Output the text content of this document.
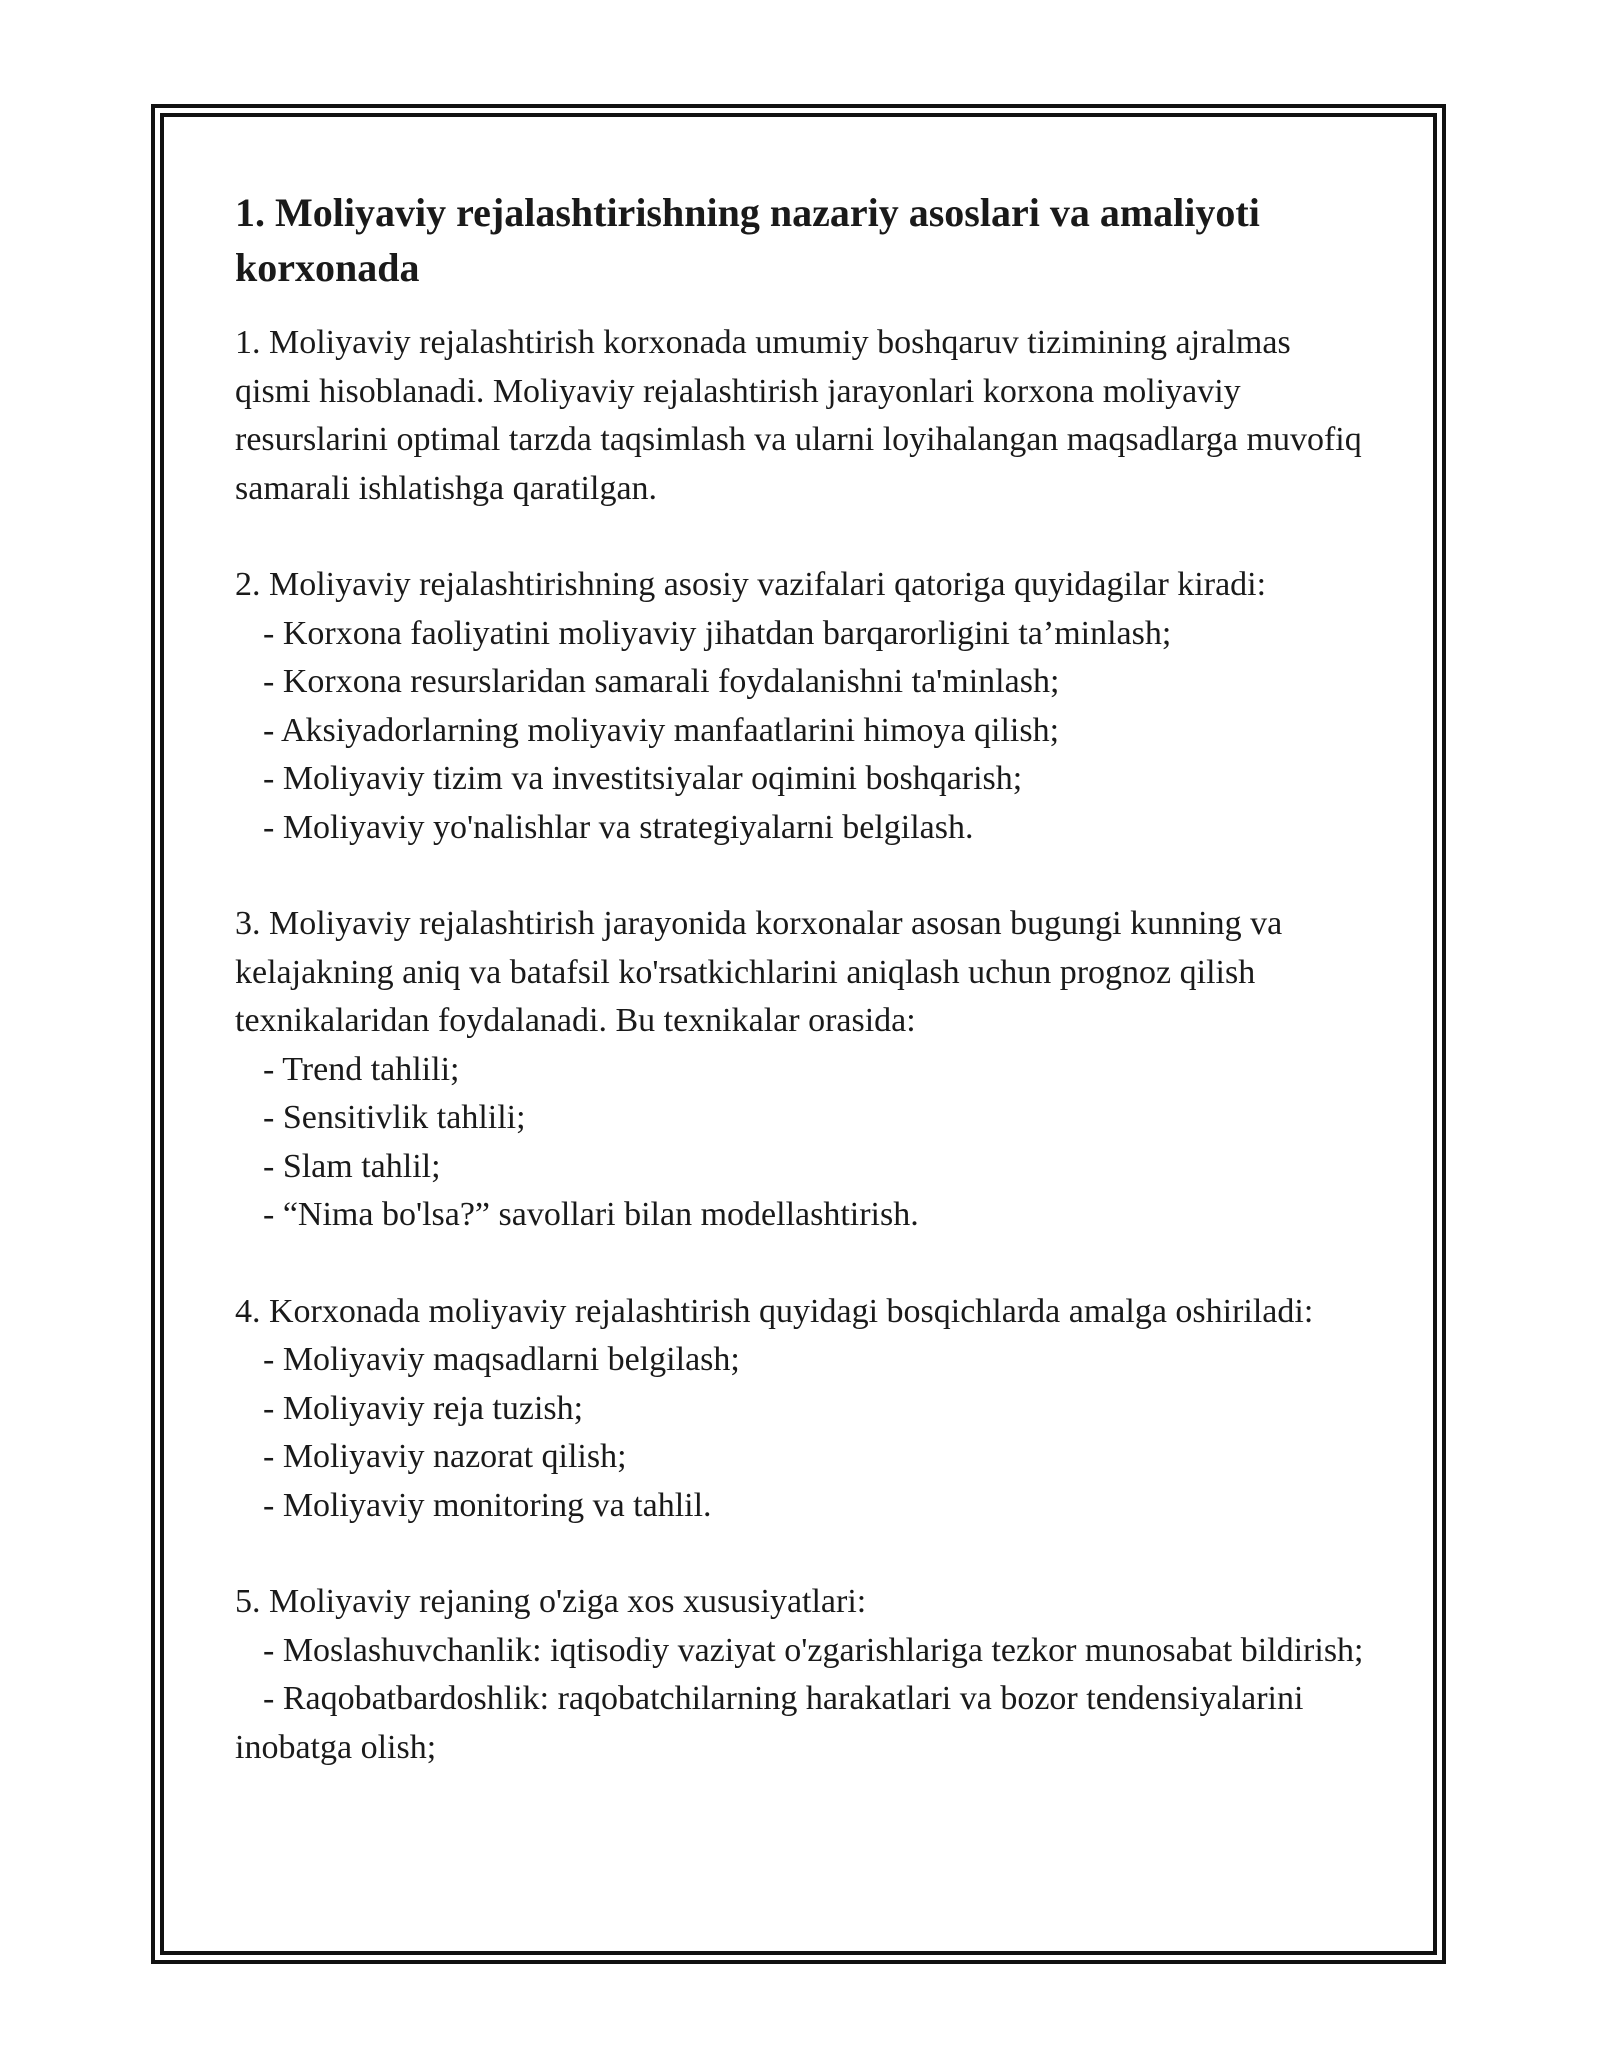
1. Moliyaviy rejalashtirishning nazariy asoslari va amaliyoti korxonada

1. Moliyaviy rejalashtirish korxonada umumiy boshqaruv tizimining ajralmas qismi hisoblanadi. Moliyaviy rejalashtirish jarayonlari korxona moliyaviy resurslarini optimal tarzda taqsimlash va ularni loyihalangan maqsadlarga muvofiq samarali ishlatishga qaratilgan.

2. Moliyaviy rejalashtirishning asosiy vazifalari qatoriga quyidagilar kiradi:

- Korxona faoliyatini moliyaviy jihatdan barqarorligini ta’minlash;

- Korxona resurslaridan samarali foydalanishni ta'minlash;

- Aksiyadorlarning moliyaviy manfaatlarini himoya qilish;

- Moliyaviy tizim va investitsiyalar oqimini boshqarish;

- Moliyaviy yo'nalishlar va strategiyalarni belgilash.

3. Moliyaviy rejalashtirish jarayonida korxonalar asosan bugungi kunning va kelajakning aniq va batafsil ko'rsatkichlarini aniqlash uchun prognoz qilish texnikalaridan foydalanadi. Bu texnikalar orasida:

- Trend tahlili;

- Sensitivlik tahlili;

- Slam tahlil;

- “Nima bo'lsa?” savollari bilan modellashtirish.

4. Korxonada moliyaviy rejalashtirish quyidagi bosqichlarda amalga oshiriladi:

- Moliyaviy maqsadlarni belgilash;

- Moliyaviy reja tuzish;

- Moliyaviy nazorat qilish;

- Moliyaviy monitoring va tahlil.

5. Moliyaviy rejaning o'ziga xos xususiyatlari:

- Moslashuvchanlik: iqtisodiy vaziyat o'zgarishlariga tezkor munosabat bildirish;

- Raqobatbardoshlik: raqobatchilarning harakatlari va bozor tendensiyalarini inobatga olish;
